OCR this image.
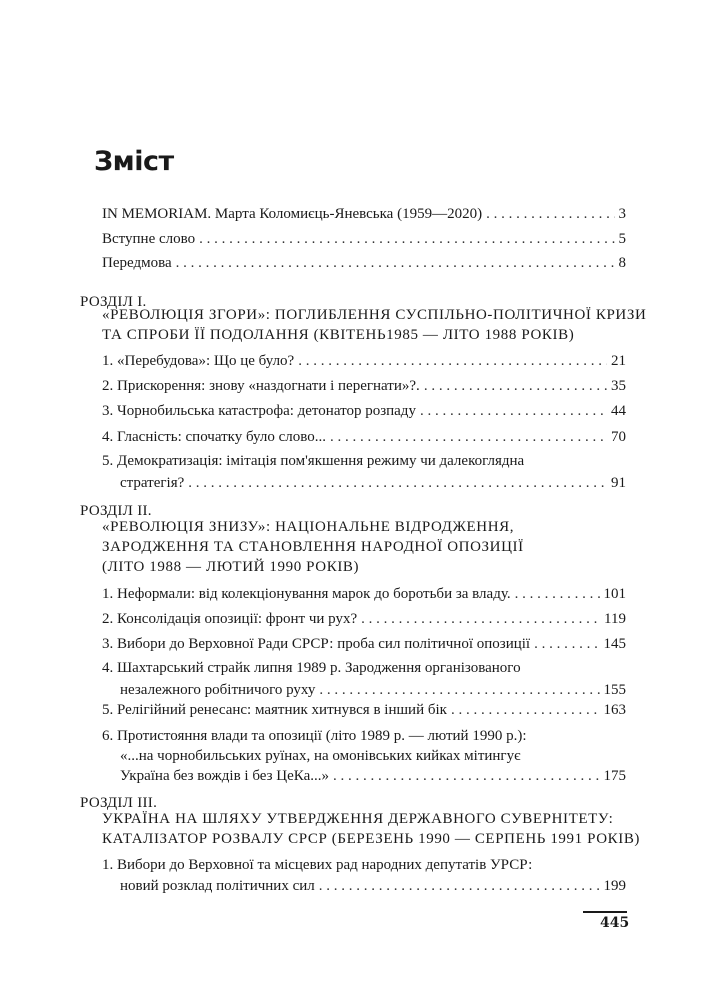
Зміст
IN MEMORIAM. Марта Коломиєць-Яневська (1959—2020) . . .	3
Вступне слово . . .	5
Передмова . . .	8
РОЗДІЛ І.
«РЕВОЛЮЦІЯ ЗГОРИ»: ПОГЛИБЛЕННЯ СУСПІЛЬНО-ПОЛІТИЧНОЇ КРИЗИ
ТА СПРОБИ ЇЇ ПОДОЛАННЯ (КВІТЕНЬ1985 — ЛІТО 1988 РОКІВ)
1. «Перебудова»: Що це було? . . .	21
2. Прискорення: знову «наздогнати і перегнати»?. . . .	35
3. Чорнобильська катастрофа: детонатор розпаду . . .	44
4. Гласність: спочатку було слово... . . .	70
5. Демократизація: імітація пом'якшення режиму чи далекоглядна
стратегія? . . .	91
РОЗДІЛ ІІ.
«РЕВОЛЮЦІЯ ЗНИЗУ»: НАЦІОНАЛЬНЕ ВІДРОДЖЕННЯ,
ЗАРОДЖЕННЯ ТА СТАНОВЛЕННЯ НАРОДНОЇ ОПОЗИЦІЇ
(ЛІТО 1988 — ЛЮТИЙ 1990 РОКІВ)
1. Неформали: від колекціонування марок до боротьби за владу. . . .	101
2. Консолідація опозиції: фронт чи рух? . . .	119
3. Вибори до Верховної Ради СРСР: проба сил політичної опозиції . . .	145
4. Шахтарський страйк липня 1989 р. Зародження організованого
незалежного робітничого руху . . .	155
5. Релігійний ренесанс: маятник хитнувся в інший бік . . .	163
6. Протистояння влади та опозиції (літо 1989 р. — лютий 1990 р.):
«...на чорнобильських руїнах, на омонівських кийках мітингує
Україна без вождів і без ЦеКа...» . . .	175
РОЗДІЛ ІІІ.
УКРАЇНА НА ШЛЯХУ УТВЕРДЖЕННЯ ДЕРЖАВНОГО СУВЕРНІТЕТУ:
КАТАЛІЗАТОР РОЗВАЛУ СРСР (БЕРЕЗЕНЬ 1990 — СЕРПЕНЬ 1991 РОКІВ)
1. Вибори до Верховної та місцевих рад народних депутатів УРСР:
новий розклад політичних сил . . .	199
445
